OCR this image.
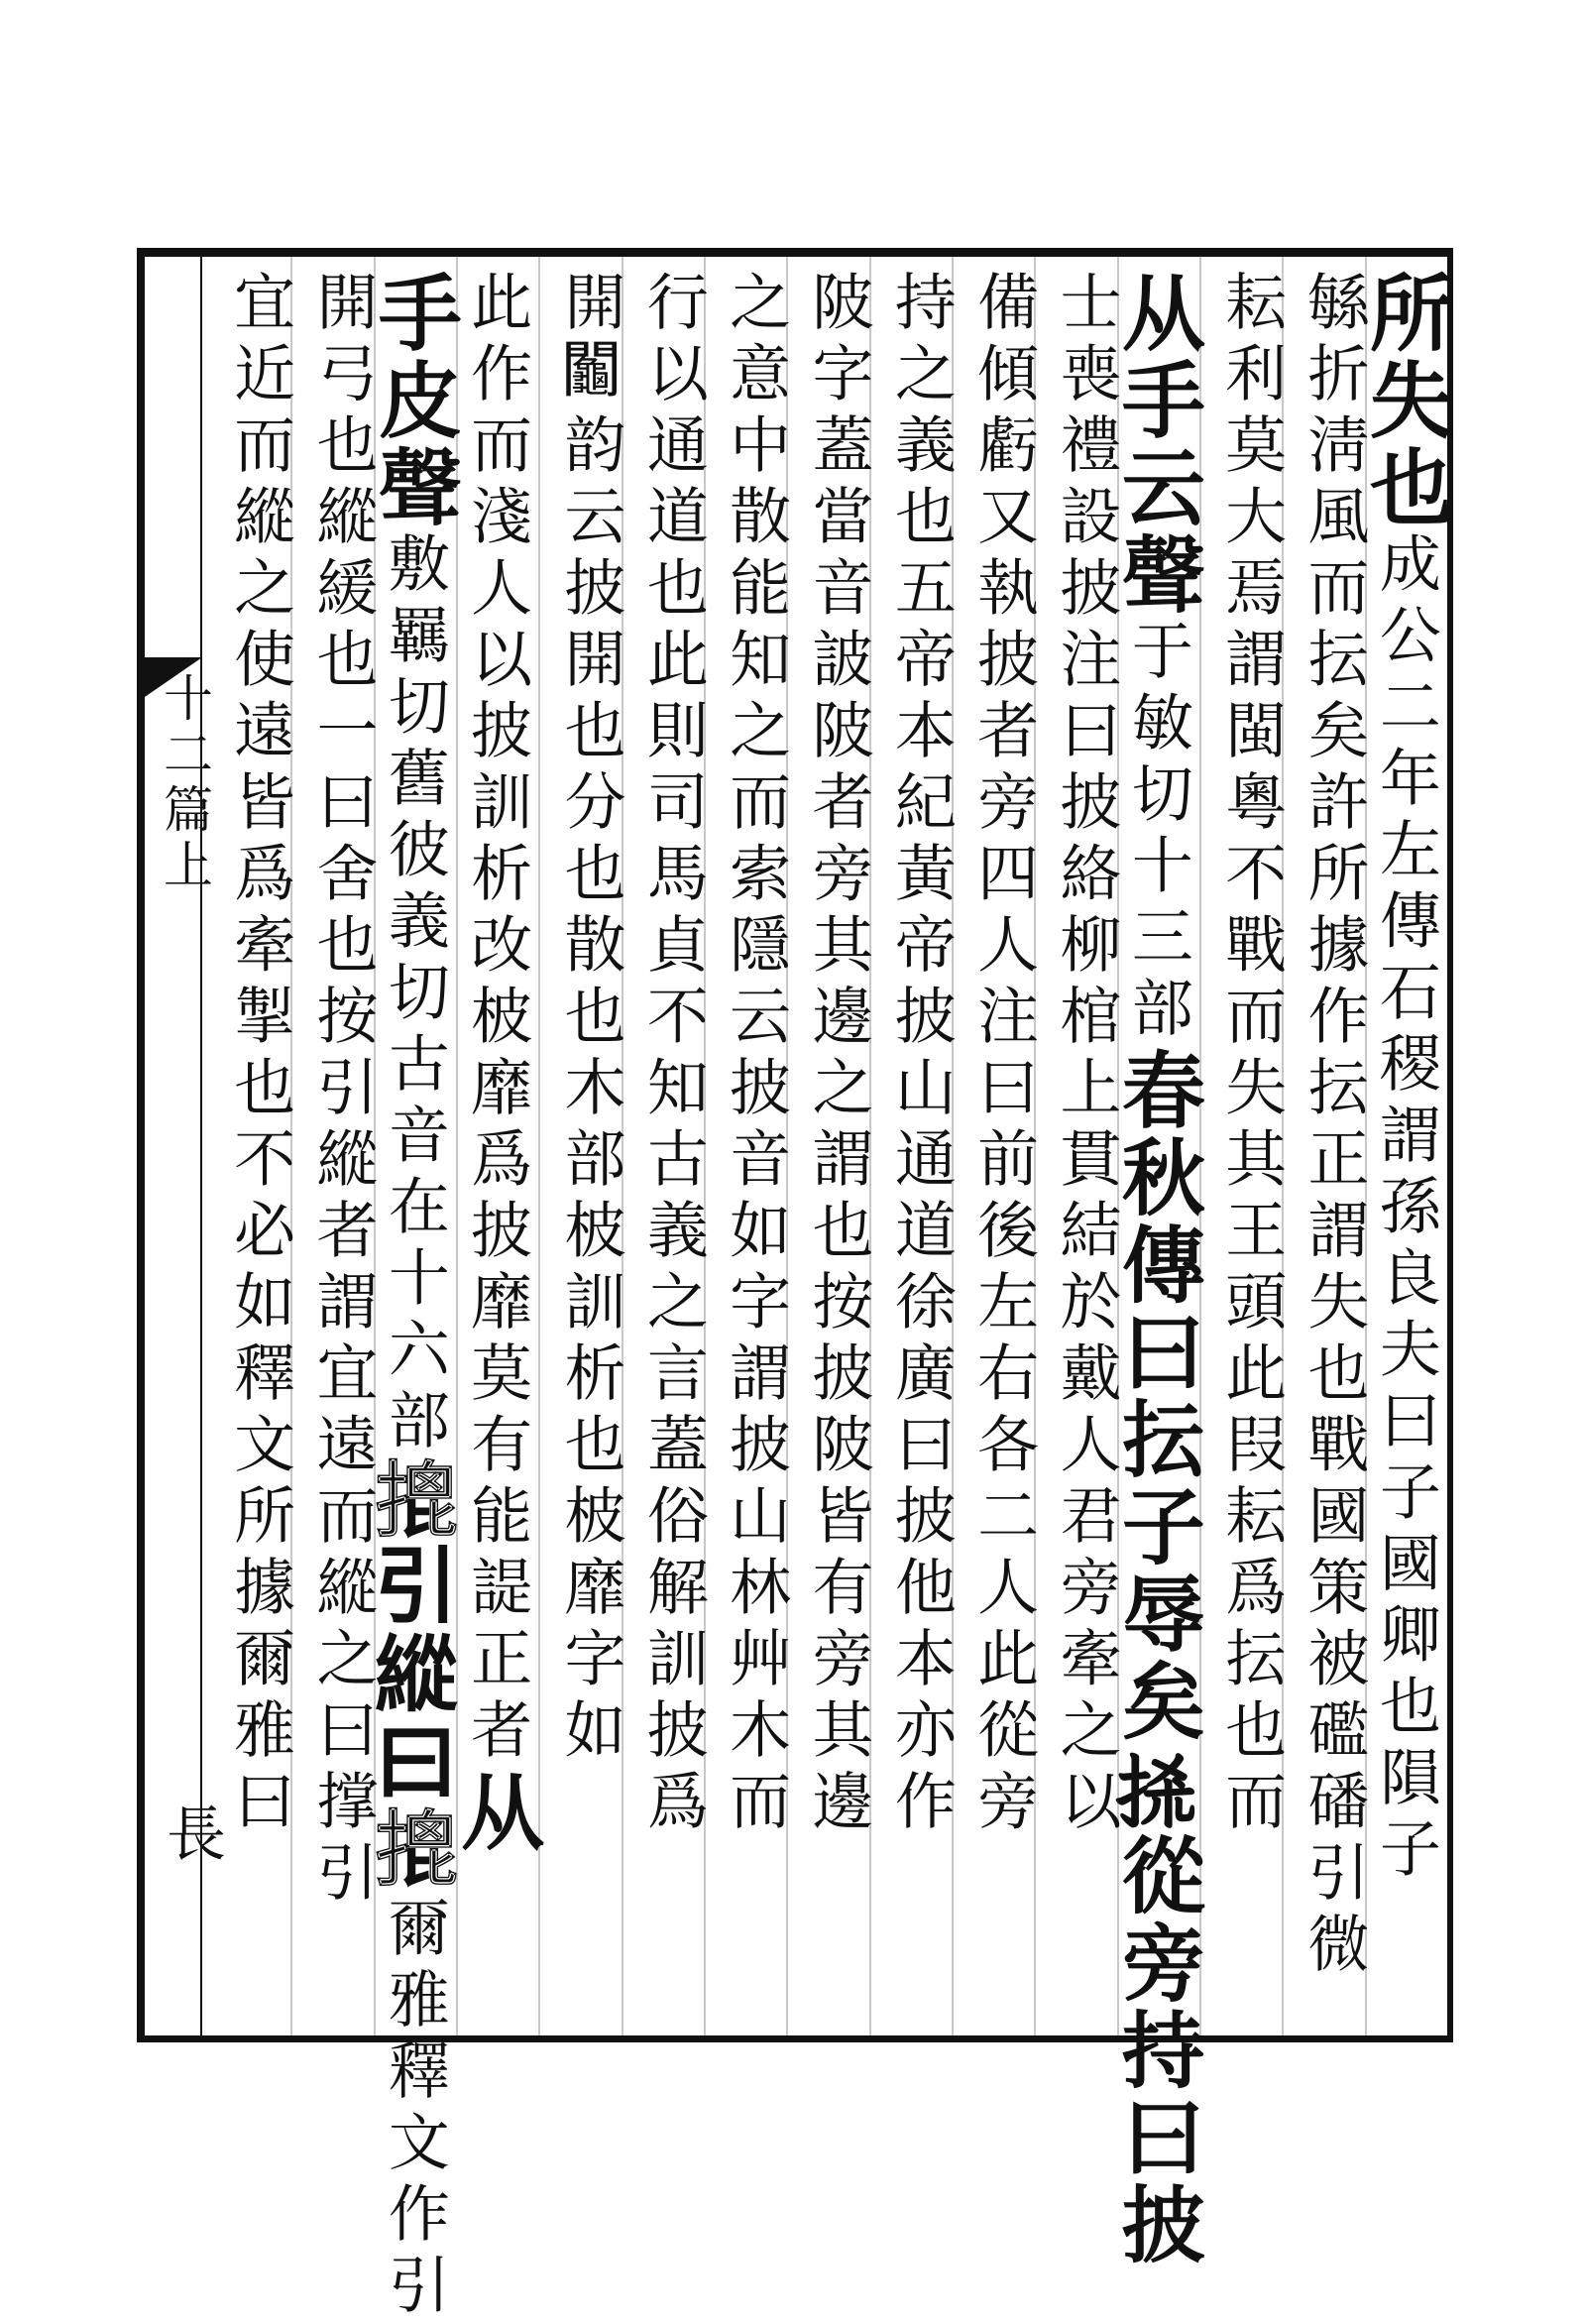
十二篇上
長
所失也成公二年左傳石稷謂孫良夫曰子國卿也隕子
緐折淸風而抎矣許所據作抎正謂失也戰國策被礛磻引微
耘利莫大焉謂閩粵不戰而失其王頭此叚耘爲抎也而
从手云聲于敏切十三部春秋傳曰抎子辱矣𢫬從旁持曰披
士喪禮設披注曰披絡柳棺上貫結於戴人君旁牽之以
備傾虧又執披者旁四人注曰前後左右各二人此從旁
持之義也五帝本紀黃帝披山通道徐廣曰披他本亦作
陂字蓋當音詖陂者旁其邊之謂也按披陂皆有旁其邊
之意中散能知之而索隱云披音如字謂披山林艸木而
行以通道也此則司馬貞不知古義之言蓋俗解訓披爲
開𨷺韵云披開也分也散也木部柀訓析也柀靡字如
此作而淺人以披訓析改柀靡爲披靡莫有能諟正者从
手皮聲敷羈切舊彼義切古音在十六部𢱧引縱曰𢱧爾雅釋文作引
開弓也縱緩也一曰舍也按引縱者謂宜遠而縱之曰撑引
宜近而縱之使遠皆爲牽掣也不必如釋文所據爾雅曰
